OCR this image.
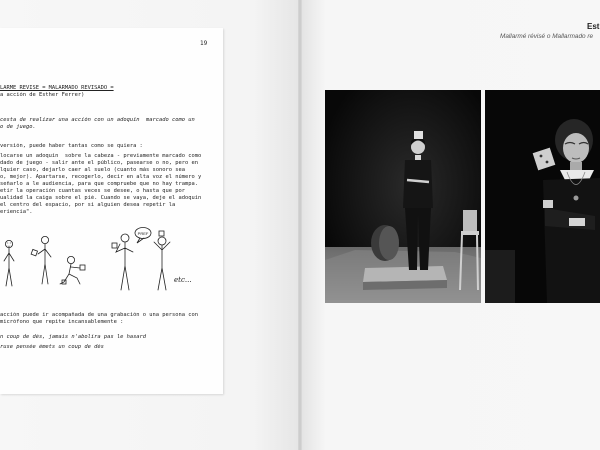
LARMÉ RÉVISÉ = MALARMADO REVISADO =
a acción de Esther Ferrer)
cesta de realizar una acción con un adoquín  marcado como un
o de juego.
versión, puede haber tantas como se quiera :
locarse un adoquín  sobre la cabeza - previamente marcado como
dado de juego - salir ante el público, pasearse o no, pero en
lquier caso, dejarlo caer al suelo (cuanto más sonoro sea
o, mejor). Apartarse, recogerlo, decir en alta voz el número y
señarlo a le audiencia, para que compruebe que no hay trampa.
etir la operación cuantas veces se desee, o hasta que por
ualidad la caiga sobre el pié. Cuando se vaya, deje el adoquín
el centro del espacio, por si alguien desea repetir la
eriencia".
PREF
etc...
acción puede ir acompañada de una grabación o una persona con
micrófono que repite incansablemente :
n coup de dés, jamais n'abolira pas le hasard
ruse pensée émets un coup de dés
19
Est
Mallarmé révisé o Mallarmado re
